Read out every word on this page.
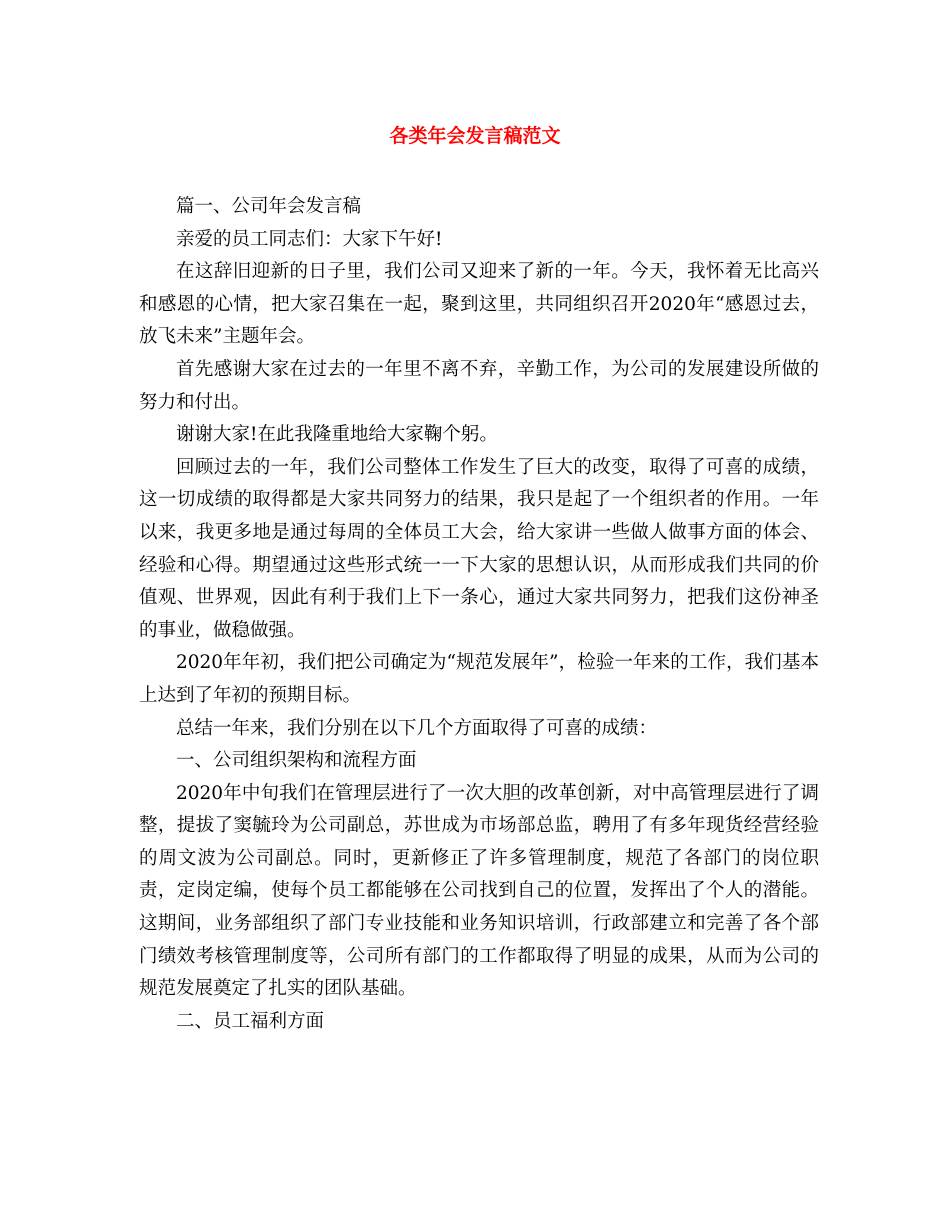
各类年会发言稿范文

篇一、公司年会发言稿

亲爱的员工同志们：大家下午好!

在这辞旧迎新的日子里，我们公司又迎来了新的一年。今天，我怀着无比高兴和感恩的心情，把大家召集在一起，聚到这里，共同组织召开2020年“感恩过去，放飞未来”主题年会。

首先感谢大家在过去的一年里不离不弃，辛勤工作，为公司的发展建设所做的努力和付出。

谢谢大家!在此我隆重地给大家鞠个躬。

回顾过去的一年，我们公司整体工作发生了巨大的改变，取得了可喜的成绩，这一切成绩的取得都是大家共同努力的结果，我只是起了一个组织者的作用。一年以来，我更多地是通过每周的全体员工大会，给大家讲一些做人做事方面的体会、经验和心得。期望通过这些形式统一一下大家的思想认识，从而形成我们共同的价值观、世界观，因此有利于我们上下一条心，通过大家共同努力，把我们这份神圣的事业，做稳做强。

2020年年初，我们把公司确定为“规范发展年”，检验一年来的工作，我们基本上达到了年初的预期目标。

总结一年来，我们分别在以下几个方面取得了可喜的成绩：

一、公司组织架构和流程方面

2020年中旬我们在管理层进行了一次大胆的改革创新，对中高管理层进行了调整，提拔了窦毓玲为公司副总，苏世成为市场部总监，聘用了有多年现货经营经验的周文波为公司副总。同时，更新修正了许多管理制度，规范了各部门的岗位职责，定岗定编，使每个员工都能够在公司找到自己的位置，发挥出了个人的潜能。这期间，业务部组织了部门专业技能和业务知识培训，行政部建立和完善了各个部门绩效考核管理制度等，公司所有部门的工作都取得了明显的成果，从而为公司的规范发展奠定了扎实的团队基础。

二、员工福利方面
